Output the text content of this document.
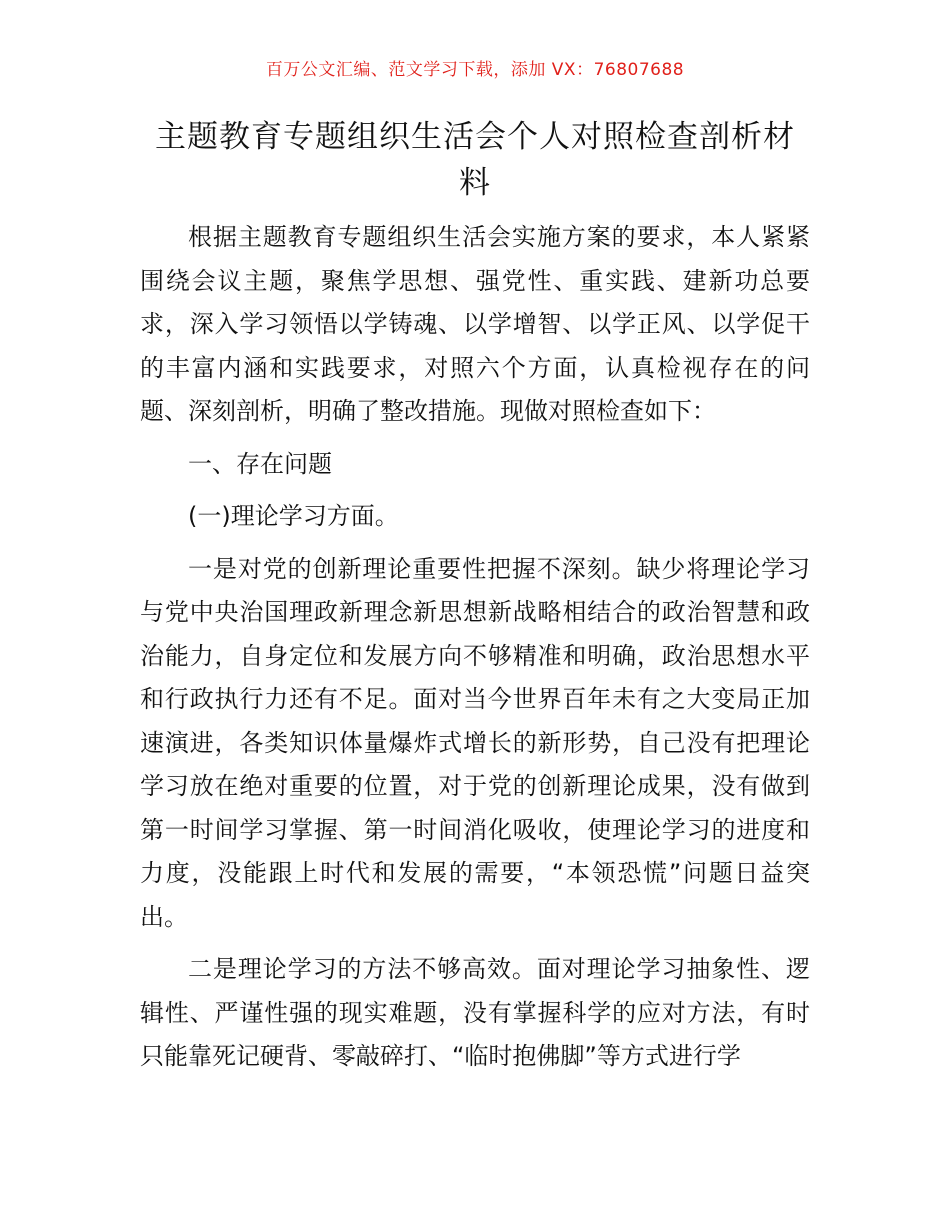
百万公文汇编、范文学习下载，添加 VX：76807688
主题教育专题组织生活会个人对照检查剖析材料

根据主题教育专题组织生活会实施方案的要求，本人紧紧围绕会议主题，聚焦学思想、强党性、重实践、建新功总要求，深入学习领悟以学铸魂、以学增智、以学正风、以学促干的丰富内涵和实践要求，对照六个方面，认真检视存在的问题、深刻剖析，明确了整改措施。现做对照检查如下：

一、存在问题

(一)理论学习方面。

一是对党的创新理论重要性把握不深刻。缺少将理论学习与党中央治国理政新理念新思想新战略相结合的政治智慧和政治能力，自身定位和发展方向不够精准和明确，政治思想水平和行政执行力还有不足。面对当今世界百年未有之大变局正加速演进，各类知识体量爆炸式增长的新形势，自己没有把理论学习放在绝对重要的位置，对于党的创新理论成果，没有做到第一时间学习掌握、第一时间消化吸收，使理论学习的进度和力度，没能跟上时代和发展的需要，“本领恐慌”问题日益突出。

二是理论学习的方法不够高效。面对理论学习抽象性、逻辑性、严谨性强的现实难题，没有掌握科学的应对方法，有时只能靠死记硬背、零敲碎打、“临时抱佛脚”等方式进行学
